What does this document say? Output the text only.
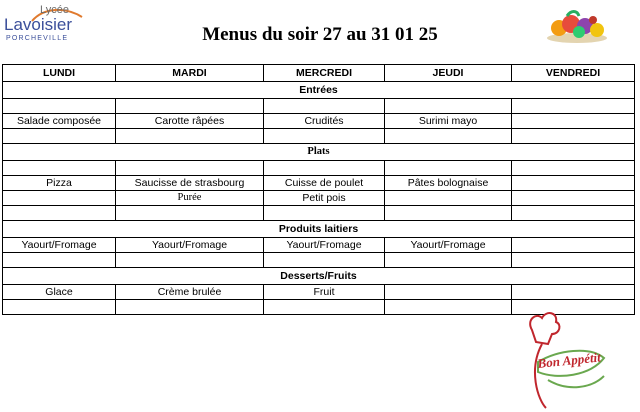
Lycée
Lavoisier
PORCHEVILLE	Menus du soir 27 au 31 01 25
LUNDI	MARDI	MERCREDI	JEUDI	VENDREDI
Entrées				

Salade composée	Carotte râpées	Crudités	Surimi mayo	

Plats				

Pizza	Saucisse de strasbourg	Cuisse de poulet	Pâtes bolognaise	
	Purée	Petit pois		

Produits laitiers				
Yaourt/Fromage	Yaourt/Fromage	Yaourt/Fromage	Yaourt/Fromage	

Desserts/Fruits				
Glace	Crème brulée	Fruit		

Bon Appétit
